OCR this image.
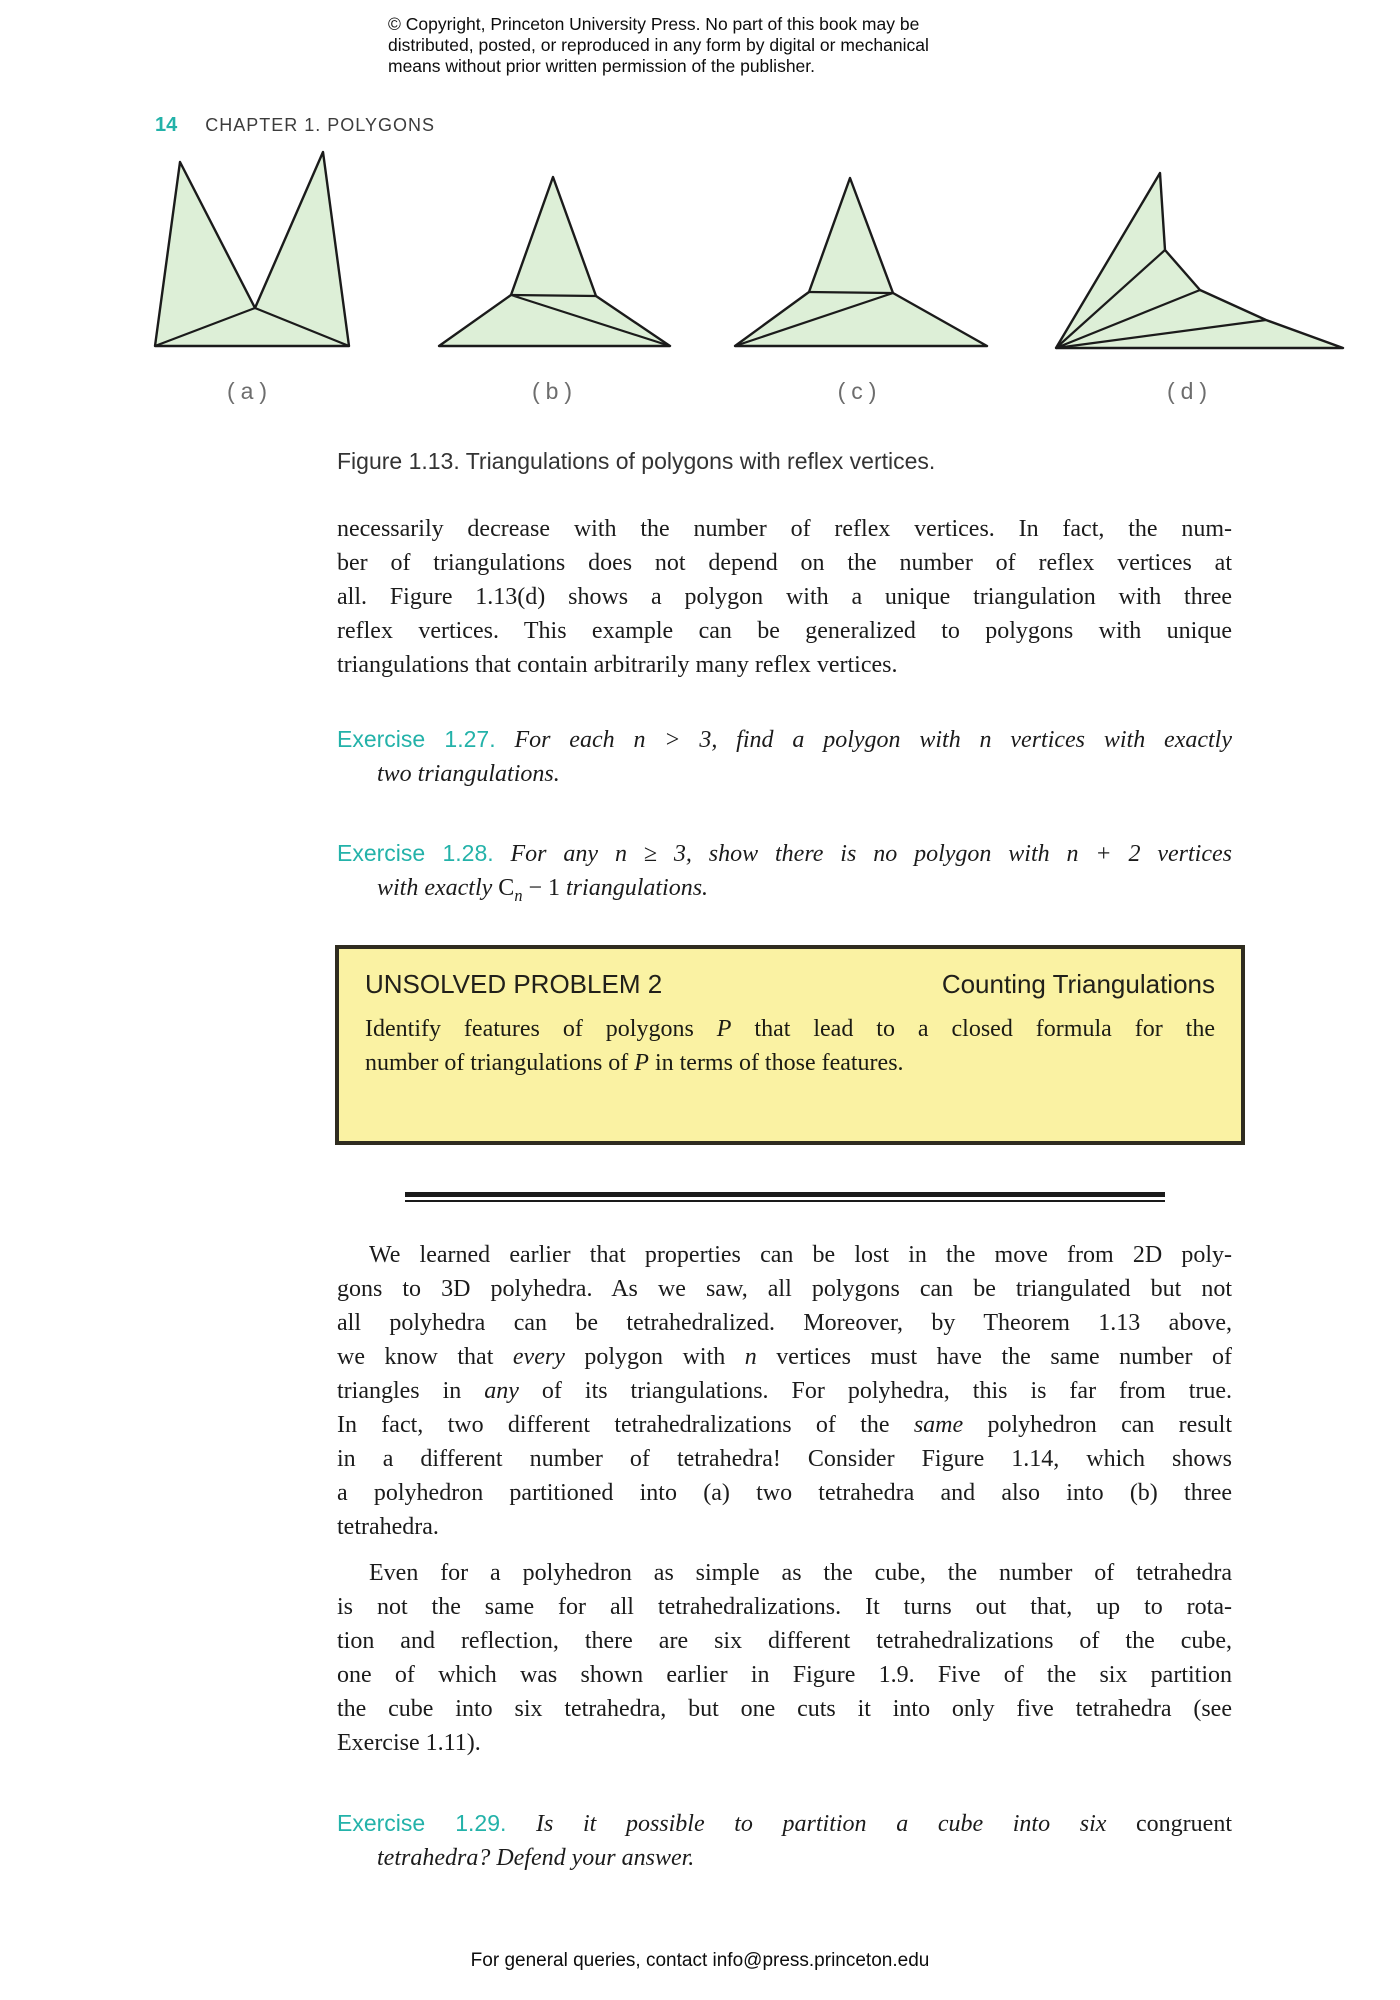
© Copyright, Princeton University Press. No part of this book may be
distributed, posted, or reproduced in any form by digital or mechanical
means without prior written permission of the publisher.
14 CHAPTER 1. POLYGONS
(a)	(b)	(c)	(d)
Figure 1.13. Triangulations of polygons with reflex vertices.
necessarily decrease with the number of reflex vertices. In fact, the num-
ber of triangulations does not depend on the number of reflex vertices at
all. Figure 1.13(d) shows a polygon with a unique triangulation with three
reflex vertices. This example can be generalized to polygons with unique
triangulations that contain arbitrarily many reflex vertices.
Exercise 1.27. For each n > 3, find a polygon with n vertices with exactly
two triangulations.
Exercise 1.28. For any n ≥ 3, show there is no polygon with n + 2 vertices
with exactly $C_n - 1$ triangulations.
UNSOLVED PROBLEM 2	Counting Triangulations
Identify features of polygons P that lead to a closed formula for the
number of triangulations of P in terms of those features.
We learned earlier that properties can be lost in the move from 2D poly-
gons to 3D polyhedra. As we saw, all polygons can be triangulated but not
all polyhedra can be tetrahedralized. Moreover, by Theorem 1.13 above,
we know that every polygon with n vertices must have the same number of
triangles in any of its triangulations. For polyhedra, this is far from true.
In fact, two different tetrahedralizations of the same polyhedron can result
in a different number of tetrahedra! Consider Figure 1.14, which shows
a polyhedron partitioned into (a) two tetrahedra and also into (b) three
tetrahedra.
Even for a polyhedron as simple as the cube, the number of tetrahedra
is not the same for all tetrahedralizations. It turns out that, up to rota-
tion and reflection, there are six different tetrahedralizations of the cube,
one of which was shown earlier in Figure 1.9. Five of the six partition
the cube into six tetrahedra, but one cuts it into only five tetrahedra (see
Exercise 1.11).
Exercise 1.29. Is it possible to partition a cube into six congruent
tetrahedra? Defend your answer.
For general queries, contact info@press.princeton.edu
